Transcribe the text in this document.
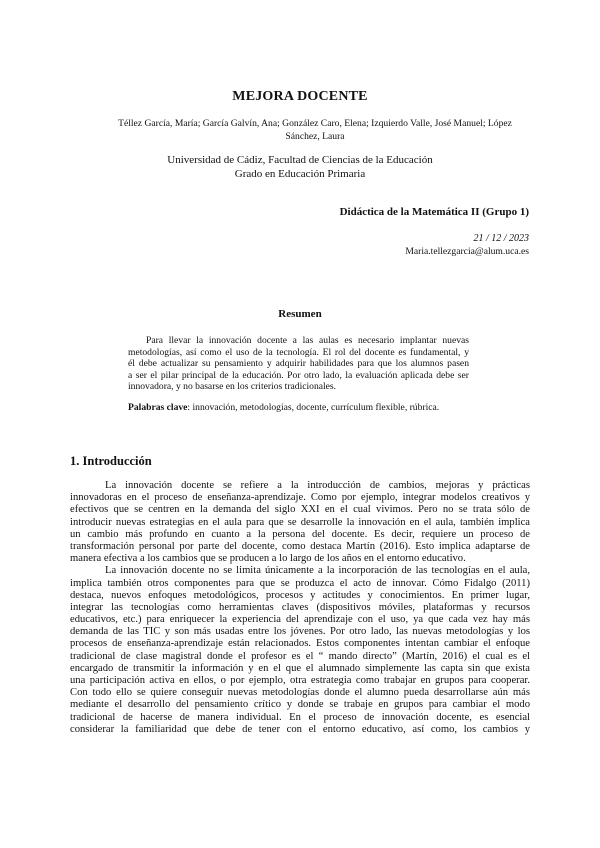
MEJORA DOCENTE
Téllez García, María; García Galvín, Ana; González Caro, Elena; Izquierdo Valle, José Manuel; López Sánchez, Laura
Universidad de Cádiz, Facultad de Ciencias de la Educación
Grado en Educación Primaria
Didáctica de la Matemática II (Grupo 1)
21 / 12 / 2023
Maria.tellezgarcia@alum.uca.es
Resumen
Para llevar la innovación docente a las aulas es necesario implantar nuevas
metodologías, así como el uso de la tecnología. El rol del docente es fundamental, y
él debe actualizar su pensamiento y adquirir habilidades para que los alumnos pasen
a ser el pilar principal de la educación. Por otro lado, la evaluación aplicada debe ser
innovadora, y no basarse en los criterios tradicionales.
Palabras clave: innovación, metodologías, docente, currículum flexible, rúbrica.
1. Introducción
La innovación docente se refiere a la introducción de cambios, mejoras y prácticas
innovadoras en el proceso de enseñanza-aprendizaje. Como por ejemplo, integrar modelos creativos y
efectivos que se centren en la demanda del siglo XXI en el cual vivimos. Pero no se trata sólo de
introducir nuevas estrategias en el aula para que se desarrolle la innovación en el aula, también implica
un cambio más profundo en cuanto a la persona del docente. Es decir, requiere un proceso de
transformación personal por parte del docente, como destaca Martín (2016). Esto implica adaptarse de
manera efectiva a los cambios que se producen a lo largo de los años en el entorno educativo.
La innovación docente no se limita únicamente a la incorporación de las tecnologías en el aula,
implica también otros componentes para que se produzca el acto de innovar. Cómo Fidalgo (2011)
destaca, nuevos enfoques metodológicos, procesos y actitudes y conocimientos. En primer lugar,
integrar las tecnologías como herramientas claves (dispositivos móviles, plataformas y recursos
educativos, etc.) para enriquecer la experiencia del aprendizaje con el uso, ya que cada vez hay más
demanda de las TIC y son más usadas entre los jóvenes. Por otro lado, las nuevas metodologías y los
procesos de enseñanza-aprendizaje están relacionados. Estos componentes intentan cambiar el enfoque
tradicional de clase magistral donde el profesor es el “ mando directo” (Martín, 2016) el cual es el
encargado de transmitir la información y en el que el alumnado simplemente las capta sin que exista
una participación activa en ellos, o por ejemplo, otra estrategia como trabajar en grupos para cooperar.
Con todo ello se quiere conseguir nuevas metodologías donde el alumno pueda desarrollarse aún más
mediante el desarrollo del pensamiento crítico y donde se trabaje en grupos para cambiar el modo
tradicional de hacerse de manera individual. En el proceso de innovación docente, es esencial
considerar la familiaridad que debe de tener con el entorno educativo, así como, los cambios y
